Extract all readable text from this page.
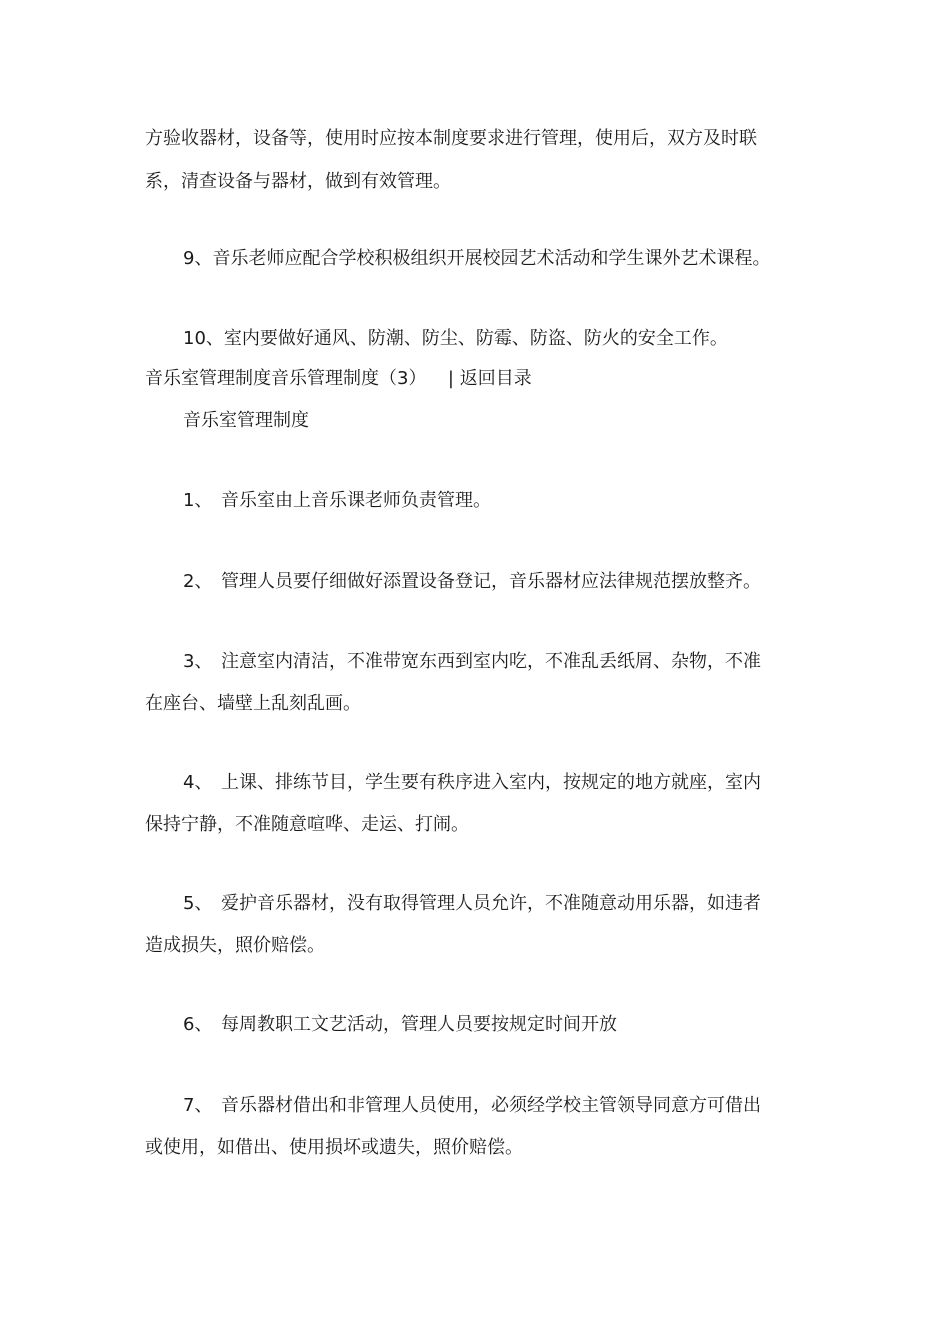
方验收器材，设备等，使用时应按本制度要求进行管理，使用后，双方及时联
系，清查设备与器材，做到有效管理。
9、音乐老师应配合学校积极组织开展校园艺术活动和学生课外艺术课程。
10、室内要做好通风、防潮、防尘、防霉、防盗、防火的安全工作。
音乐室管理制度音乐管理制度（3） | 返回目录
音乐室管理制度
1、 音乐室由上音乐课老师负责管理。
2、 管理人员要仔细做好添置设备登记，音乐器材应法律规范摆放整齐。
3、 注意室内清洁，不准带宽东西到室内吃，不准乱丢纸屑、杂物，不准
在座台、墙壁上乱刻乱画。
4、 上课、排练节目，学生要有秩序进入室内，按规定的地方就座，室内
保持宁静，不准随意喧哗、走运、打闹。
5、 爱护音乐器材，没有取得管理人员允许，不准随意动用乐器，如违者
造成损失，照价赔偿。
6、 每周教职工文艺活动，管理人员要按规定时间开放
7、 音乐器材借出和非管理人员使用，必须经学校主管领导同意方可借出
或使用，如借出、使用损坏或遗失，照价赔偿。
